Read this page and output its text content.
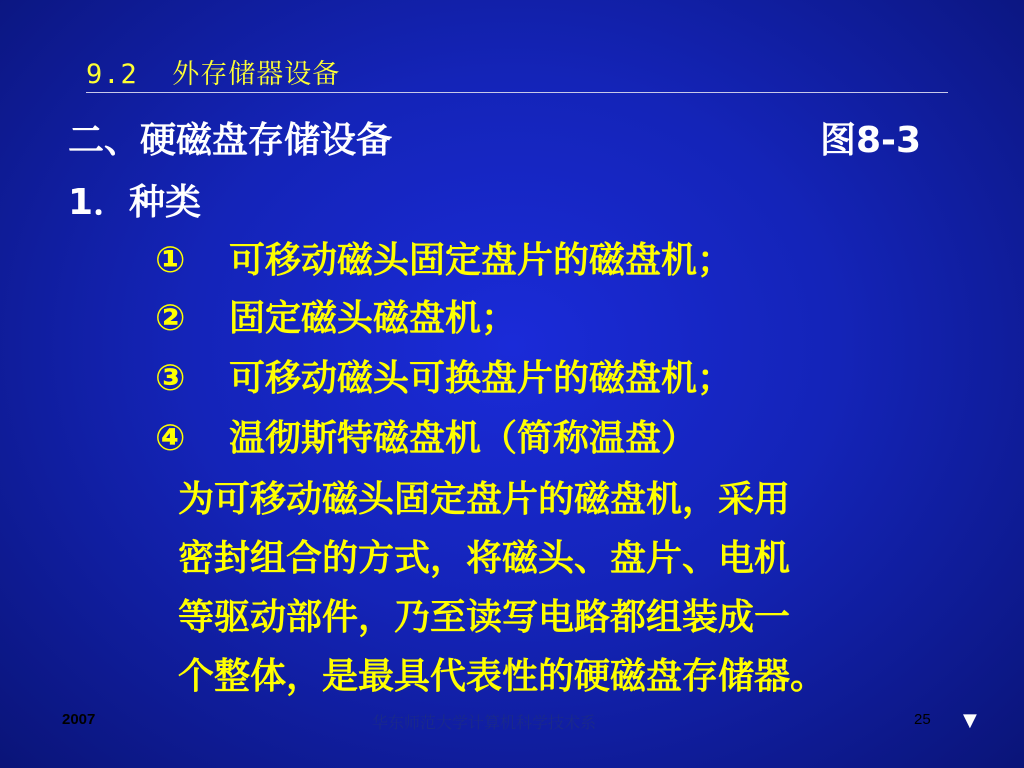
9.2  外存储器设备
二、硬磁盘存储设备	图8-3
1．种类
① 可移动磁头固定盘片的磁盘机；
② 固定磁头磁盘机；
③ 可移动磁头可换盘片的磁盘机；
④ 温彻斯特磁盘机（简称温盘）
为可移动磁头固定盘片的磁盘机，采用
密封组合的方式，将磁头、盘片、电机
等驱动部件，乃至读写电路都组装成一
个整体，是最具代表性的硬磁盘存储器。
2007	华东师范大学计算机科学技术系	25 ▼
